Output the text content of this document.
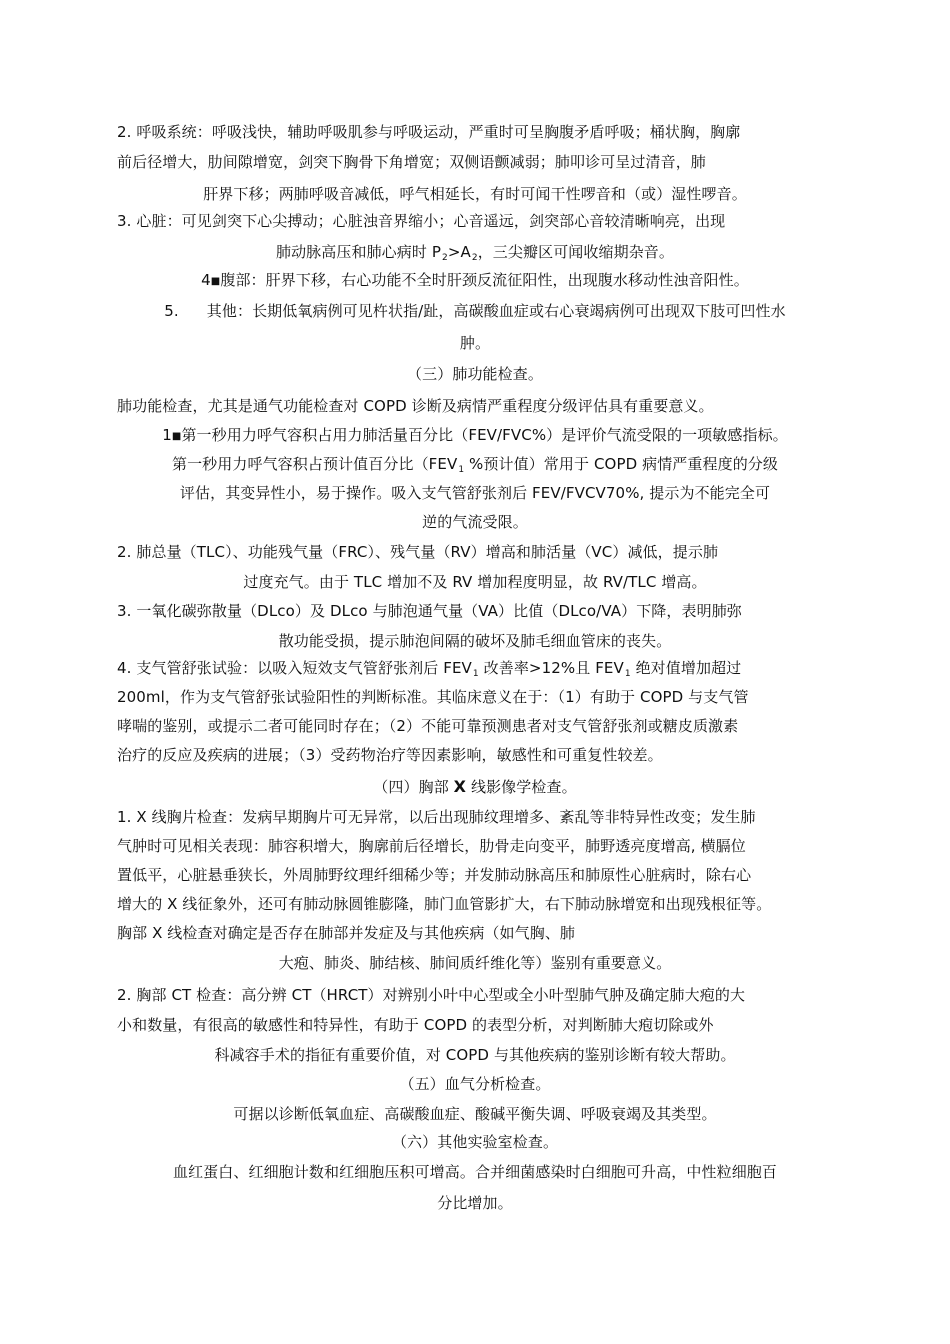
2. 呼吸系统：呼吸浅快，辅助呼吸肌参与呼吸运动，严重时可呈胸腹矛盾呼吸；桶状胸，胸廓
前后径增大，肋间隙增宽，剑突下胸骨下角增宽；双侧语颤减弱；肺叩诊可呈过清音，肺
肝界下移；两肺呼吸音减低，呼气相延长，有时可闻干性啰音和（或）湿性啰音。
3. 心脏：可见剑突下心尖搏动；心脏浊音界缩小；心音遥远，剑突部心音较清晰响亮，出现
肺动脉高压和肺心病时 $P_2>A_2$，三尖瓣区可闻收缩期杂音。
4■腹部：肝界下移，右心功能不全时肝颈反流征阳性，出现腹水移动性浊音阳性。
5. 其他：长期低氧病例可见杵状指/趾，高碳酸血症或右心衰竭病例可出现双下肢可凹性水
肿。
（三）肺功能检查。
肺功能检查，尤其是通气功能检查对 COPD 诊断及病情严重程度分级评估具有重要意义。
1■第一秒用力呼气容积占用力肺活量百分比（FEV/FVC%）是评价气流受限的一项敏感指标。
第一秒用力呼气容积占预计值百分比（$FEV_1$ %预计值）常用于 COPD 病情严重程度的分级
评估，其变异性小，易于操作。吸入支气管舒张剂后 FEV/FVCV70%, 提示为不能完全可
逆的气流受限。
2. 肺总量（TLC）、功能残气量（FRC）、残气量（RV）增高和肺活量（VC）减低，提示肺
过度充气。由于 TLC 增加不及 RV 增加程度明显，故 RV/TLC 增高。
3. 一氧化碳弥散量（DLco）及 DLco 与肺泡通气量（VA）比值（DLco/VA）下降，表明肺弥
散功能受损，提示肺泡间隔的破坏及肺毛细血管床的丧失。
4. 支气管舒张试验：以吸入短效支气管舒张剂后 $FEV_1$ 改善率>12%且 $FEV_1$ 绝对值增加超过
200ml，作为支气管舒张试验阳性的判断标准。其临床意义在于：（1）有助于 COPD 与支气管
哮喘的鉴别，或提示二者可能同时存在；（2）不能可靠预测患者对支气管舒张剂或糖皮质激素
治疗的反应及疾病的进展；（3）受药物治疗等因素影响，敏感性和可重复性较差。
（四）胸部 X 线影像学检查。
1. X 线胸片检查：发病早期胸片可无异常，以后出现肺纹理增多、紊乱等非特异性改变；发生肺
气肿时可见相关表现：肺容积增大，胸廓前后径增长，肋骨走向变平，肺野透亮度增高, 横膈位
置低平，心脏悬垂狭长，外周肺野纹理纤细稀少等；并发肺动脉高压和肺原性心脏病时，除右心
增大的 X 线征象外，还可有肺动脉圆锥膨隆，肺门血管影扩大，右下肺动脉增宽和出现残根征等。
胸部 X 线检查对确定是否存在肺部并发症及与其他疾病（如气胸、肺
大疱、肺炎、肺结核、肺间质纤维化等）鉴别有重要意义。
2. 胸部 CT 检查：高分辨 CT（HRCT）对辨别小叶中心型或全小叶型肺气肿及确定肺大疱的大
小和数量，有很高的敏感性和特异性，有助于 COPD 的表型分析，对判断肺大疱切除或外
科减容手术的指征有重要价值，对 COPD 与其他疾病的鉴别诊断有较大帮助。
（五）血气分析检查。
可据以诊断低氧血症、高碳酸血症、酸碱平衡失调、呼吸衰竭及其类型。
（六）其他实验室检查。
血红蛋白、红细胞计数和红细胞压积可增高。合并细菌感染时白细胞可升高，中性粒细胞百
分比增加。
